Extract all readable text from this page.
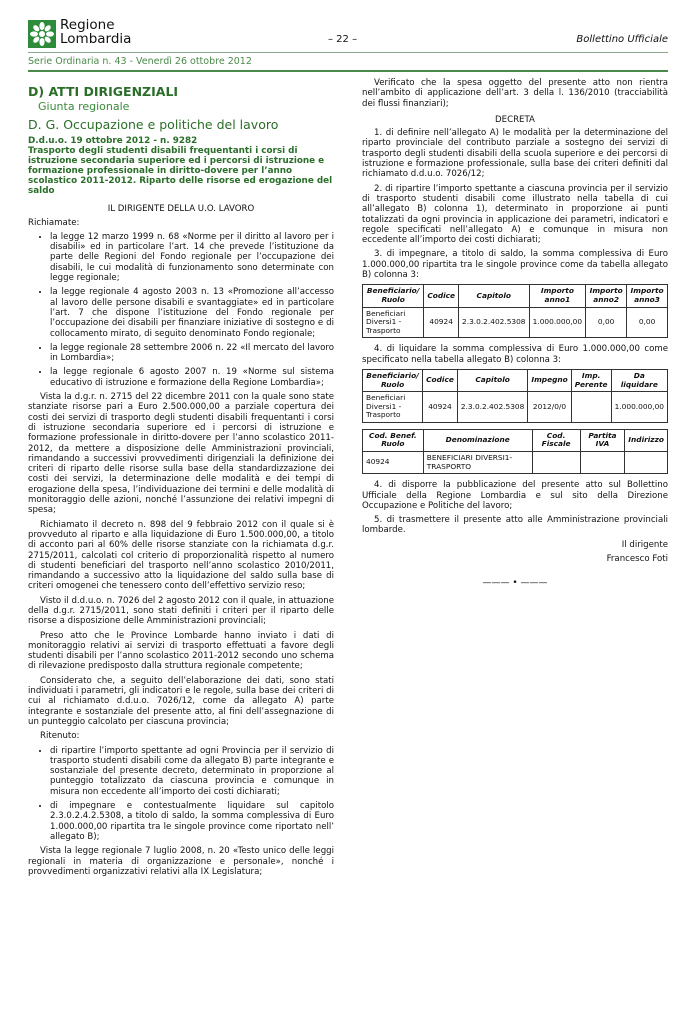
Regione
Lombardia	– 22 –	Bollettino Ufficiale
Serie Ordinaria n. 43 - Venerdì 26 ottobre 2012
D) ATTI DIRIGENZIALI
Giunta regionale
D. G. Occupazione e politiche del lavoro
D.d.u.o. 19 ottobre 2012 - n. 9282
Trasporto degli studenti disabili frequentanti i corsi di istruzione secondaria superiore ed i percorsi di istruzione e formazione professionale in diritto-dovere per l’anno scolastico 2011-2012. Riparto delle risorse ed erogazione del saldo
IL DIRIGENTE DELLA U.O. LAVORO

Richiamate:

• la legge 12 marzo 1999 n. 68 «Norme per il diritto al lavoro per i disabili» ed in particolare l’art. 14 che prevede l’istituzione da parte delle Regioni del Fondo regionale per l’occupazione dei disabili, le cui modalità di funzionamento sono determinate con legge regionale;
• la legge regionale 4 agosto 2003 n. 13 «Promozione all’accesso al lavoro delle persone disabili e svantaggiate» ed in particolare l’art. 7 che dispone l’istituzione del Fondo regionale per l’occupazione dei disabili per finanziare iniziative di sostegno e di collocamento mirato, di seguito denominato Fondo regionale;
• la legge regionale 28 settembre 2006 n. 22 «Il mercato del lavoro in Lombardia»;
• la legge regionale 6 agosto 2007 n. 19 «Norme sul sistema educativo di istruzione e formazione della Regione Lombardia»;

Vista la d.g.r. n. 2715 del 22 dicembre 2011 con la quale sono state stanziate risorse pari a Euro 2.500.000,00 a parziale copertura dei costi dei servizi di trasporto degli studenti disabili frequentanti i corsi di istruzione secondaria superiore ed i percorsi di istruzione e formazione professionale in diritto-dovere per l’anno scolastico 2011-2012, da mettere a disposizione delle Amministrazioni provinciali, rimandando a successivi provvedimenti dirigenziali la definizione dei criteri di riparto delle risorse sulla base della standardizzazione dei costi dei servizi, la determinazione delle modalità e dei tempi di erogazione della spesa, l’individuazione dei termini e delle modalità di monitoraggio delle azioni, nonché l’assunzione dei relativi impegni di spesa;

Richiamato il decreto n. 898 del 9 febbraio 2012 con il quale si è provveduto al riparto e alla liquidazione di Euro 1.500.000,00, a titolo di acconto pari al 60% delle risorse stanziate con la richiamata d.g.r. 2715/2011, calcolati col criterio di proporzionalità rispetto al numero di studenti beneficiari del trasporto nell’anno scolastico 2010/2011, rimandando a successivo atto la liquidazione del saldo sulla base di criteri omogenei che tenessero conto dell’effettivo servizio reso;

Visto il d.d.u.o. n. 7026 del 2 agosto 2012 con il quale, in attuazione della d.g.r. 2715/2011, sono stati definiti i criteri per il riparto delle risorse a disposizione delle Amministrazioni provinciali;

Preso atto che le Province Lombarde hanno inviato i dati di monitoraggio relativi ai servizi di trasporto effettuati a favore degli studenti disabili per l’anno scolastico 2011-2012 secondo uno schema di rilevazione predisposto dalla struttura regionale competente;

Considerato che, a seguito dell’elaborazione dei dati, sono stati individuati i parametri, gli indicatori e le regole, sulla base dei criteri di cui al richiamato d.d.u.o. 7026/12, come da allegato A) parte integrante e sostanziale del presente atto, al fini dell’assegnazione di un punteggio calcolato per ciascuna provincia;

Ritenuto:

• di ripartire l’importo spettante ad ogni Provincia per il servizio di trasporto studenti disabili come da allegato B) parte integrante e sostanziale del presente decreto, determinato in proporzione al punteggio totalizzato da ciascuna provincia e comunque in misura non eccedente all’importo dei costi dichiarati;
• di impegnare e contestualmente liquidare sul capitolo 2.3.0.2.4.2.5308, a titolo di saldo, la somma complessiva di Euro 1.000.000,00 ripartita tra le singole province come riportato nell’ allegato B);

Vista la legge regionale 7 luglio 2008, n. 20 «Testo unico delle leggi regionali in materia di organizzazione e personale», nonché i provvedimenti organizzativi relativi alla IX Legislatura;

Verificato che la spesa oggetto del presente atto non rientra nell’ambito di applicazione dell’art. 3 della l. 136/2010 (tracciabilità dei flussi finanziari);

DECRETA

1. di definire nell’allegato A) le modalità per la determinazione del riparto provinciale del contributo parziale a sostegno dei servizi di trasporto degli studenti disabili della scuola superiore e dei percorsi di istruzione e formazione professionale, sulla base dei criteri definiti dal richiamato d.d.u.o. 7026/12;

2. di ripartire l’importo spettante a ciascuna provincia per il servizio di trasporto studenti disabili come illustrato nella tabella di cui all’allegato B) colonna 1), determinato in proporzione ai punti totalizzati da ogni provincia in applicazione dei parametri, indicatori e regole specificati nell’allegato A) e comunque in misura non eccedente all’importo dei costi dichiarati;

3. di impegnare, a titolo di saldo, la somma complessiva di Euro 1.000.000,00 ripartita tra le singole province come da tabella allegato B) colonna 3:

Beneficiario/ Ruolo	Codice	Capitolo	Importo anno1	Importo anno2	Importo anno3
Beneficiari Diversi1 - Trasporto	40924	2.3.0.2.402.5308	1.000.000,00	0,00	0,00

4. di liquidare la somma complessiva di Euro 1.000.000,00 come specificato nella tabella allegato B) colonna 3:

Beneficiario/ Ruolo	Codice	Capitolo	Impegno	Imp. Perente	Da liquidare
Beneficiari Diversi1 - Trasporto	40924	2.3.0.2.402.5308	2012/0/0		1.000.000,00
Cod. Benef. Ruolo	Denominazione	Cod. Fiscale	Partita IVA	Indirizzo
40924	BENEFICIARI DIVERSI1-TRASPORTO			

4. di disporre la pubblicazione del presente atto sul Bollettino Ufficiale della Regione Lombardia e sul sito della Direzione Occupazione e Politiche del lavoro;

5. di trasmettere il presente atto alle Amministrazione provinciali lombarde.

Il dirigente

Francesco Foti

——— • ———
